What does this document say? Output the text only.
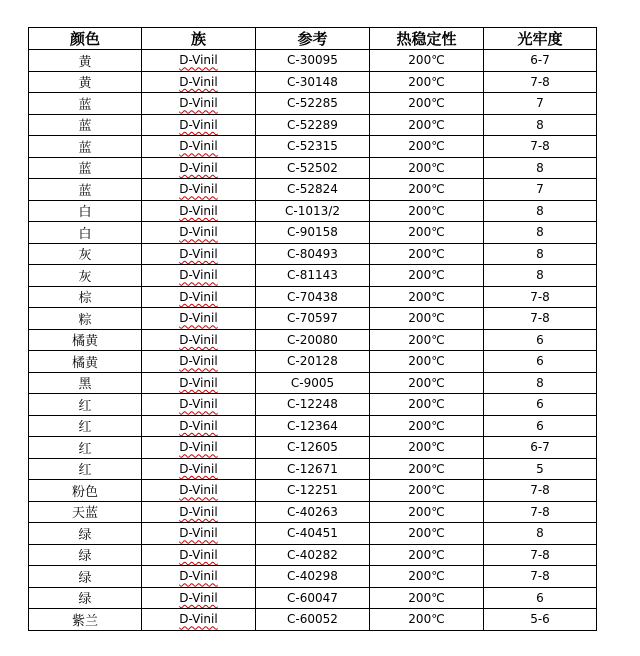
颜色	族	参考	热稳定性	光牢度
黄	D-Vinil	C-30095	200℃	6-7
黄	D-Vinil	C-30148	200℃	7-8
蓝	D-Vinil	C-52285	200℃	7
蓝	D-Vinil	C-52289	200℃	8
蓝	D-Vinil	C-52315	200℃	7-8
蓝	D-Vinil	C-52502	200℃	8
蓝	D-Vinil	C-52824	200℃	7
白	D-Vinil	C-1013/2	200℃	8
白	D-Vinil	C-90158	200℃	8
灰	D-Vinil	C-80493	200℃	8
灰	D-Vinil	C-81143	200℃	8
棕	D-Vinil	C-70438	200℃	7-8
粽	D-Vinil	C-70597	200℃	7-8
橘黄	D-Vinil	C-20080	200℃	6
橘黄	D-Vinil	C-20128	200℃	6
黑	D-Vinil	C-9005	200℃	8
红	D-Vinil	C-12248	200℃	6
红	D-Vinil	C-12364	200℃	6
红	D-Vinil	C-12605	200℃	6-7
红	D-Vinil	C-12671	200℃	5
粉色	D-Vinil	C-12251	200℃	7-8
天蓝	D-Vinil	C-40263	200℃	7-8
绿	D-Vinil	C-40451	200℃	8
绿	D-Vinil	C-40282	200℃	7-8
绿	D-Vinil	C-40298	200℃	7-8
绿	D-Vinil	C-60047	200℃	6
紫兰	D-Vinil	C-60052	200℃	5-6
